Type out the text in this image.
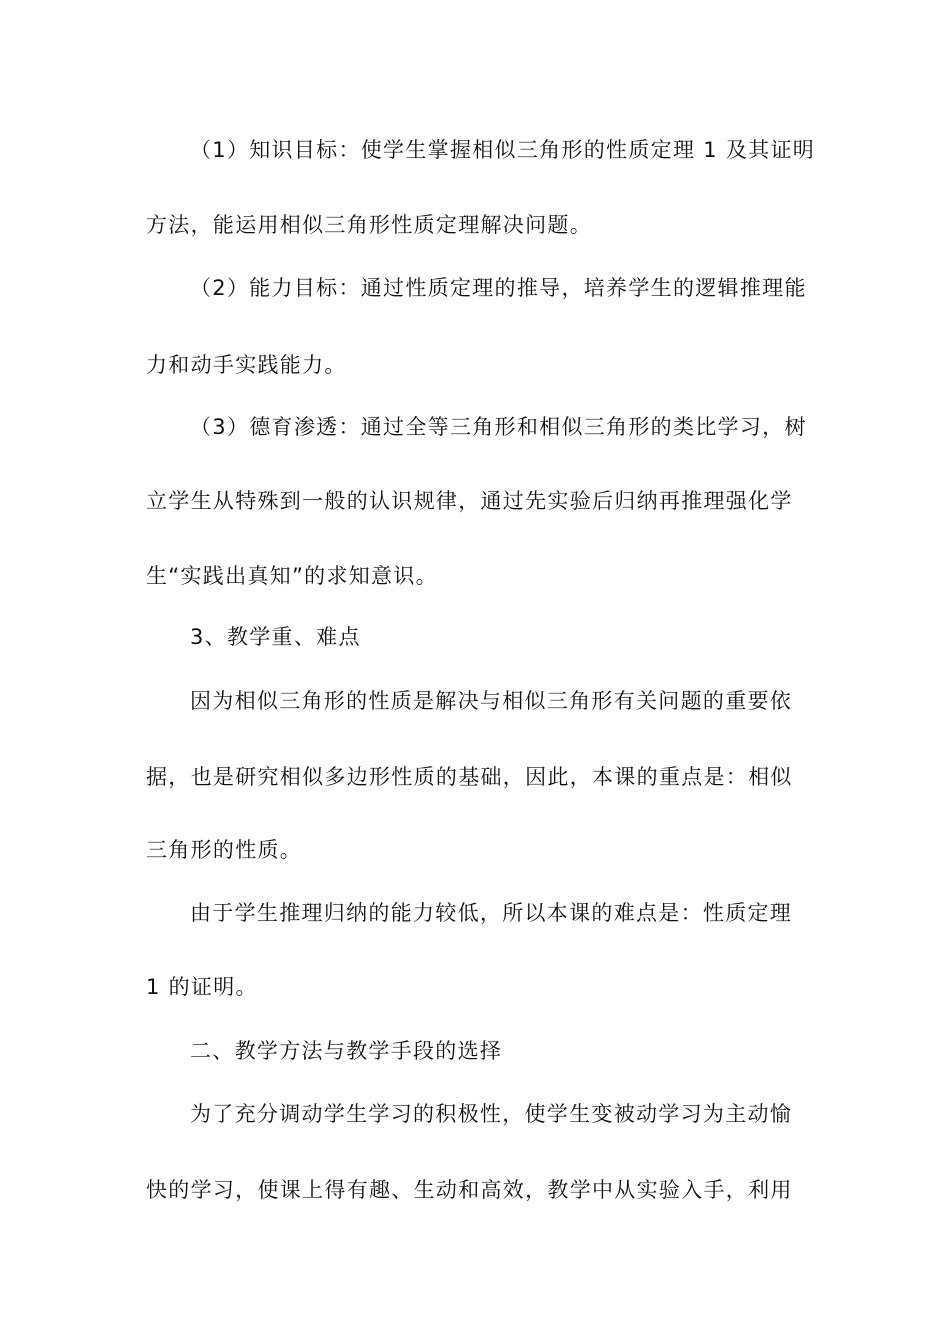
（1）知识目标：使学生掌握相似三角形的性质定理 1 及其证明
方法，能运用相似三角形性质定理解决问题。
（2）能力目标：通过性质定理的推导，培养学生的逻辑推理能
力和动手实践能力。
（3）德育渗透：通过全等三角形和相似三角形的类比学习，树
立学生从特殊到一般的认识规律，通过先实验后归纳再推理强化学
生“实践出真知”的求知意识。
3、教学重、难点
因为相似三角形的性质是解决与相似三角形有关问题的重要依
据，也是研究相似多边形性质的基础，因此，本课的重点是：相似
三角形的性质。
由于学生推理归纳的能力较低，所以本课的难点是：性质定理
1 的证明。
二、教学方法与教学手段的选择
为了充分调动学生学习的积极性，使学生变被动学习为主动愉
快的学习，使课上得有趣、生动和高效，教学中从实验入手，利用
